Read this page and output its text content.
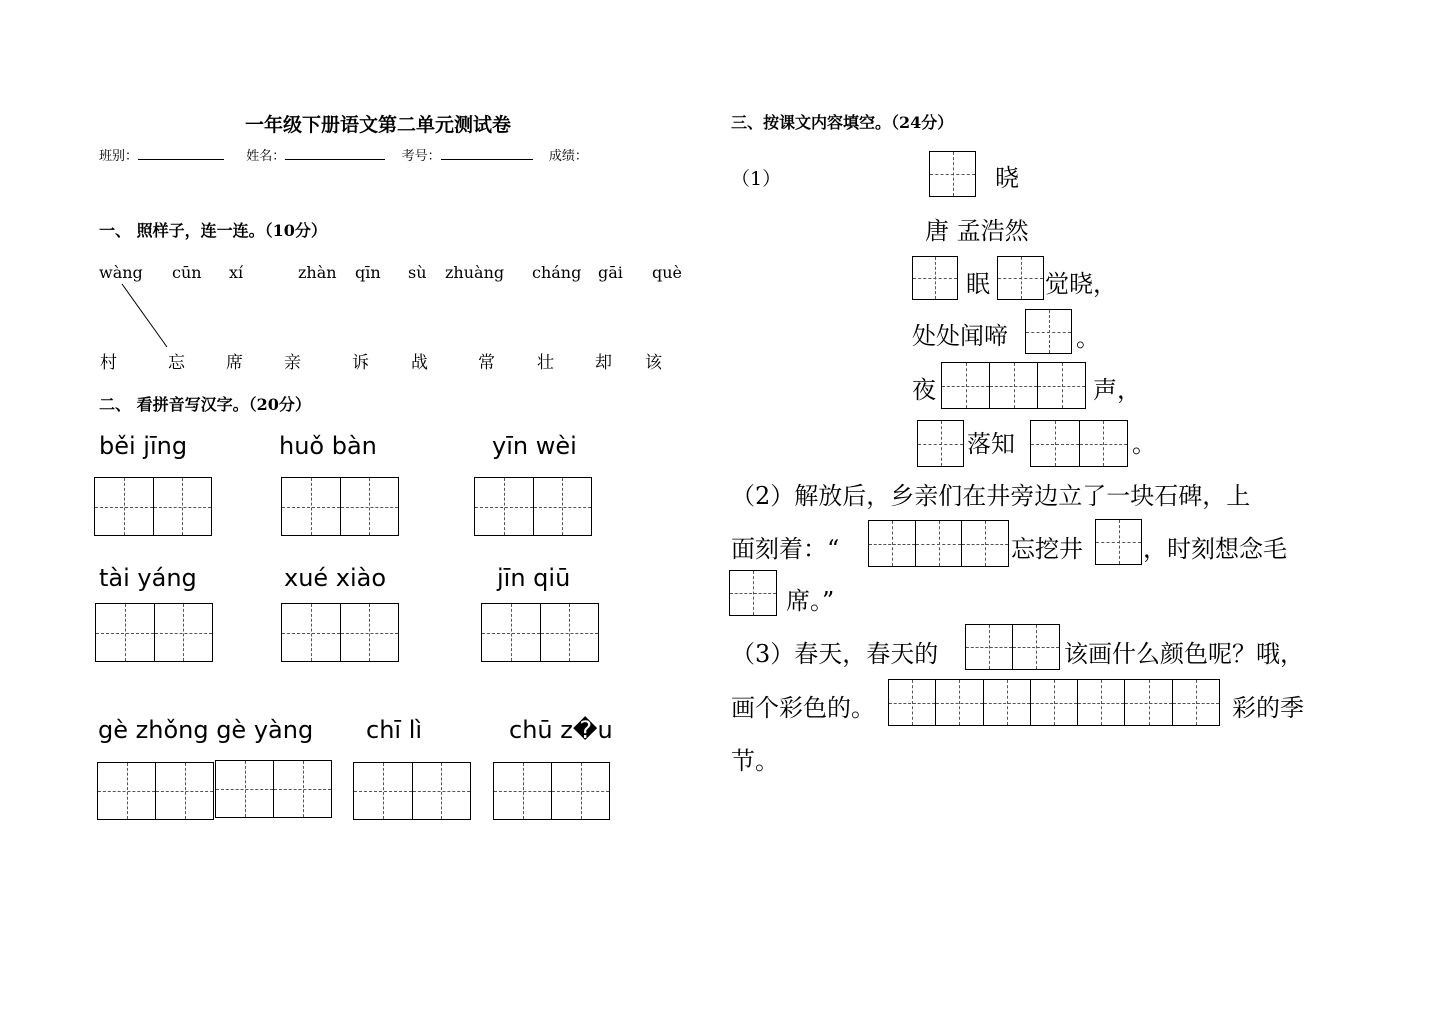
一年级下册语文第二单元测试卷
班别：	姓名：	考号：	成绩：
一、 照样子，连一连。（10分）
wàng cūn xí	zhàn qīn sù zhuàng cháng gāi què
村	忘 席 亲	诉 战	常 壮 却 该
二、 看拼音写汉字。（20分）
běi jīng	huǒ bàn	yīn wèi
tài yáng	xué xiào	jīn qiū
gè zhǒng gè yàng chī lì	chū z�u
三、按课文内容填空。（24分）
（1）	晓
唐 孟浩然
眠 觉晓，
处处闻啼	。
夜	声，
落知	。
（2）解放后，乡亲们在井旁边立了一块石碑，上
面刻着：“	忘挖井	，时刻想念毛
席。”
（3）春天，春天的	该画什么颜色呢？哦，
画个彩色的。	彩的季
节。
